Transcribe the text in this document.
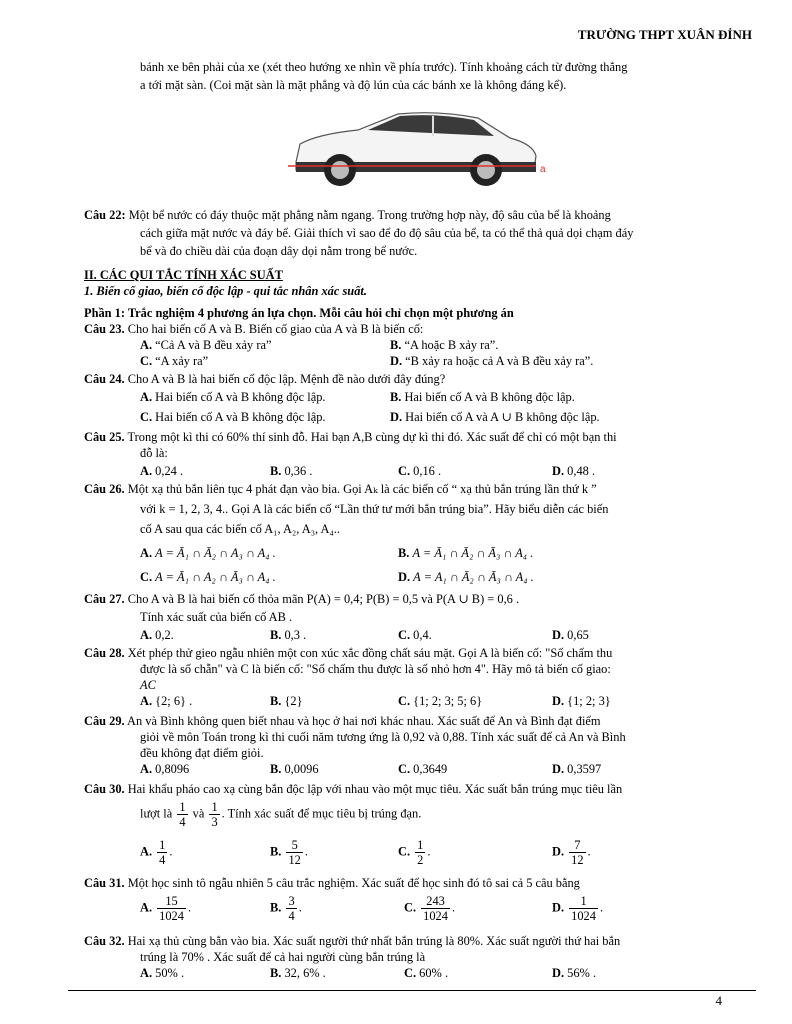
TRƯỜNG THPT XUÂN ĐỈNH
bánh xe bên phải của xe (xét theo hướng xe nhìn về phía trước). Tính khoảng cách từ đường thẳng
a tới mặt sàn. (Coi mặt sàn là mặt phẳng và độ lún của các bánh xe là không đáng kể).
a
Câu 22: Một bể nước có đáy thuộc mặt phẳng nằm ngang. Trong trường hợp này, độ sâu của bể là khoảng
cách giữa mặt nước và đáy bể. Giải thích vì sao để đo độ sâu của bể, ta có thể thả quả dọi chạm đáy
bể và đo chiều dài của đoạn dây dọi nằm trong bể nước.
II. CÁC QUI TẮC TÍNH XÁC SUẤT
1. Biến cố giao, biến cố độc lập - qui tắc nhân xác suất.
Phần 1: Trắc nghiệm 4 phương án lựa chọn. Mỗi câu hỏi chỉ chọn một phương án
Câu 23. Cho hai biến cố A và B. Biến cố giao của A và B là biến cố:
A. “Cả A và B đều xảy ra”	B. “A hoặc B xảy ra”.
C. “A xảy ra”	D. “B xảy ra hoặc cả A và B đều xảy ra”.
Câu 24. Cho A và B là hai biến cố độc lập. Mệnh đề nào dưới đây đúng?
A. Hai biến cố A và B không độc lập.	B. Hai biến cố A và B không độc lập.
C. Hai biến cố A và B không độc lập.	D. Hai biến cố A và A ∪ B không độc lập.
Câu 25. Trong một kì thi có 60% thí sinh đỗ. Hai bạn A,B cùng dự kì thi đó. Xác suất để chỉ có một bạn thi
đỗ là:
A. 0,24 .	B. 0,36 .	C. 0,16 .	D. 0,48 .
Câu 26. Một xạ thủ bắn liên tục 4 phát đạn vào bia. Gọi Aₖ là các biến cố “ xạ thủ bắn trúng lần thứ k ”
với k = 1, 2, 3, 4.. Gọi A là các biến cố “Lần thứ tư mới bắn trúng bia”. Hãy biểu diễn các biến
cố A sau qua các biến cố A₁, A₂, A₃, A₄..
A. A = Ā₁ ∩ Ā₂ ∩ A₃ ∩ A₄ .	B. A = Ā₁ ∩ Ā₂ ∩ Ā₃ ∩ A₄ .
C. A = Ā₁ ∩ A₂ ∩ Ā₃ ∩ A₄ .	D. A = A₁ ∩ Ā₂ ∩ Ā₃ ∩ A₄ .
Câu 27. Cho A và B là hai biến cố thỏa mãn P(A) = 0,4; P(B) = 0,5 và P(A ∪ B) = 0,6 .
Tính xác suất của biến cố AB .
A. 0,2.	B. 0,3 .	C. 0,4.	D. 0,65
Câu 28. Xét phép thử gieo ngẫu nhiên một con xúc xắc đồng chất sáu mặt. Gọi A là biến cố: "Số chấm thu
được là số chẵn" và C là biến cố: "Số chấm thu được là số nhỏ hơn 4". Hãy mô tả biến cố giao:
AC
A. {2; 6} .	B. {2}	C. {1; 2; 3; 5; 6}	D. {1; 2; 3}
Câu 29. An và Bình không quen biết nhau và học ở hai nơi khác nhau. Xác suất để An và Bình đạt điểm
giỏi về môn Toán trong kì thi cuối năm tương ứng là 0,92 và 0,88. Tính xác suất để cả An và Bình
đều không đạt điểm giỏi.
A. 0,8096	B. 0,0096	C. 0,3649	D. 0,3597
Câu 30. Hai khẩu pháo cao xạ cùng bắn độc lập với nhau vào một mục tiêu. Xác suất bắn trúng mục tiêu lần
lượt là $\frac{1}{4}$ và $\frac{1}{3}$ . Tính xác suất để mục tiêu bị trúng đạn.
A. $\frac{1}{4}$ .	B. $\frac{5}{12}$ .	C. $\frac{1}{2}$ .	D. $\frac{7}{12}$ .
Câu 31. Một học sinh tô ngẫu nhiên 5 câu trắc nghiệm. Xác suất để học sinh đó tô sai cả 5 câu bằng
A. $\frac{15}{1024}$ .	B. $\frac{3}{4}$ .	C. $\frac{243}{1024}$ .	D. $\frac{1}{1024}$ .
Câu 32. Hai xạ thủ cùng bắn vào bia. Xác suất người thứ nhất bắn trúng là 80%. Xác suất người thứ hai bắn
trúng là 70% . Xác suất để cả hai người cùng bắn trúng là
A. 50% .	B. 32, 6% .	C. 60% .	D. 56% .
4
